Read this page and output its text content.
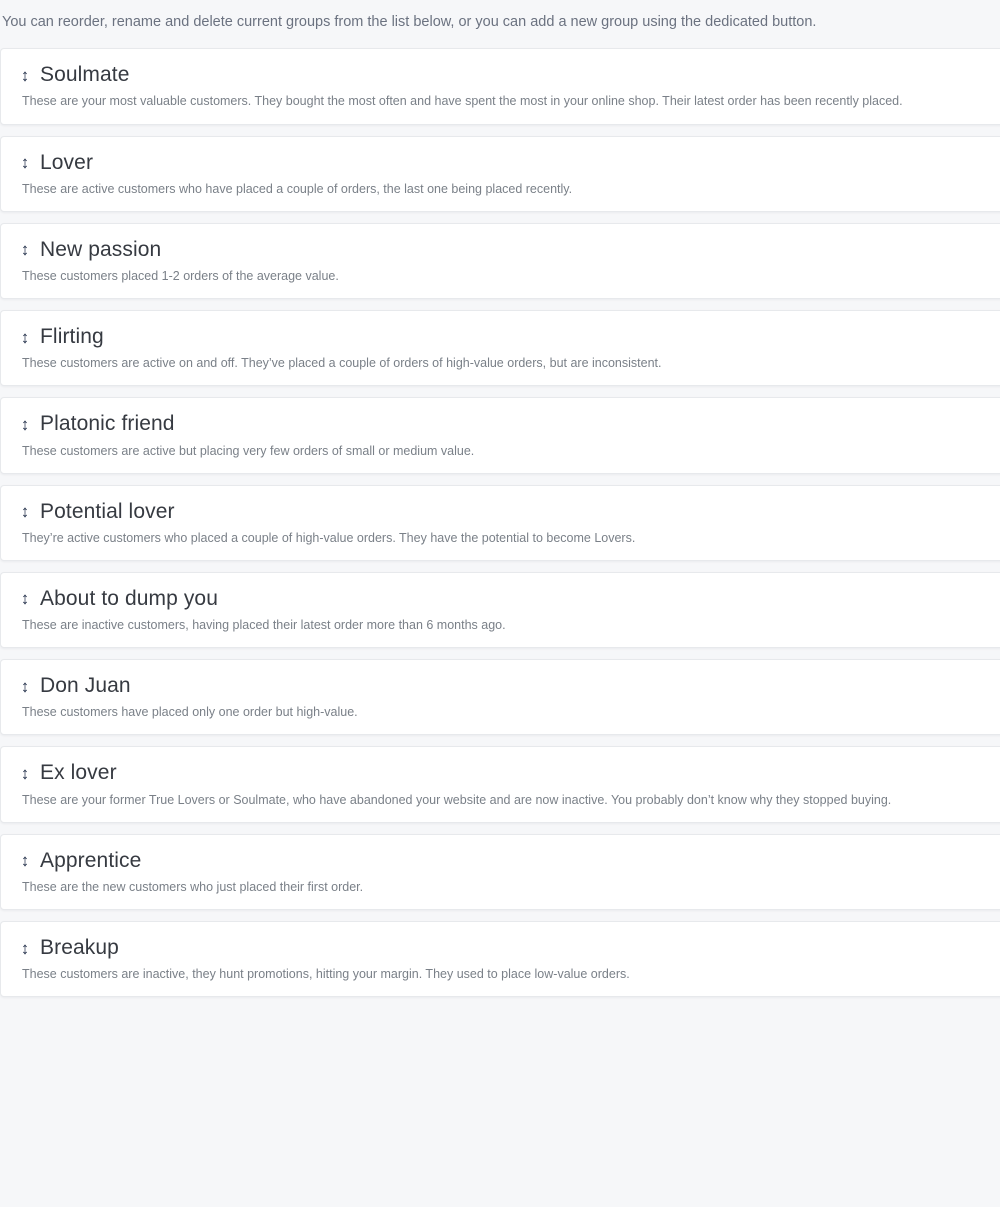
You can reorder, rename and delete current groups from the list below, or you can add a new group using the dedicated button.
↕ Soulmate
These are your most valuable customers. They bought the most often and have spent the most in your online shop. Their latest order has been recently placed.
↕ Lover
These are active customers who have placed a couple of orders, the last one being placed recently.
↕ New passion
These customers placed 1-2 orders of the average value.
↕ Flirting
These customers are active on and off. They’ve placed a couple of orders of high-value orders, but are inconsistent.
↕ Platonic friend
These customers are active but placing very few orders of small or medium value.
↕ Potential lover
They’re active customers who placed a couple of high-value orders. They have the potential to become Lovers.
↕ About to dump you
These are inactive customers, having placed their latest order more than 6 months ago.
↕ Don Juan
These customers have placed only one order but high-value.
↕ Ex lover
These are your former True Lovers or Soulmate, who have abandoned your website and are now inactive. You probably don’t know why they stopped buying.
↕ Apprentice
These are the new customers who just placed their first order.
↕ Breakup
These customers are inactive, they hunt promotions, hitting your margin. They used to place low-value orders.
